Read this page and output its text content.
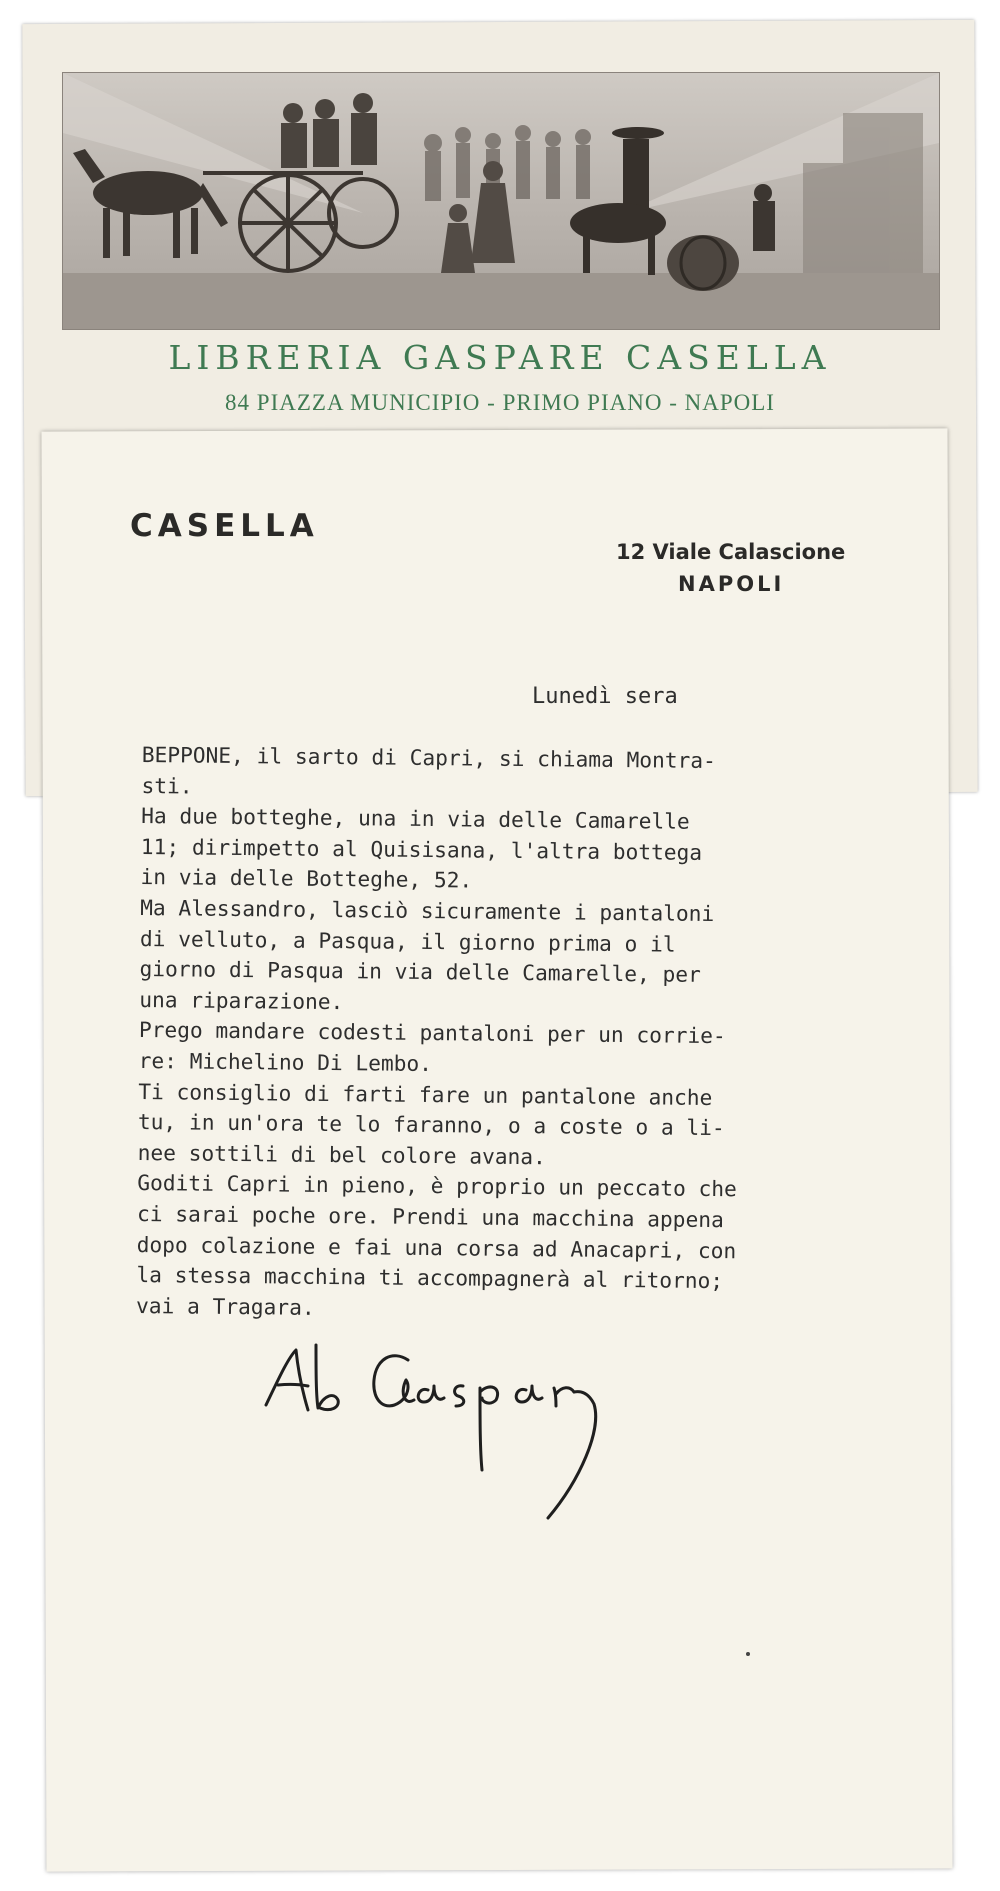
LIBRERIA GASPARE CASELLA
84 PIAZZA MUNICIPIO - PRIMO PIANO - NAPOLI
CASELLA
12 Viale Calascione
NAPOLI
Lunedì sera
BEPPONE, il sarto di Capri, si chiama Montra-
sti.
Ha due botteghe, una in via delle Camarelle
11; dirimpetto al Quisisana, l'altra bottega
in via delle Botteghe, 52.
Ma Alessandro, lasciò sicuramente i pantaloni
di velluto, a Pasqua, il giorno prima o il
giorno di Pasqua in via delle Camarelle, per
una riparazione.
Prego mandare codesti pantaloni per un corrie-
re: Michelino Di Lembo.
Ti consiglio di farti fare un pantalone anche
tu, in un'ora te lo faranno, o a coste o a li-
nee sottili di bel colore avana.
Goditi Capri in pieno, è proprio un peccato che
ci sarai poche ore. Prendi una macchina appena
dopo colazione e fai una corsa ad Anacapri, con
la stessa macchina ti accompagnerà al ritorno;
vai a Tragara.
